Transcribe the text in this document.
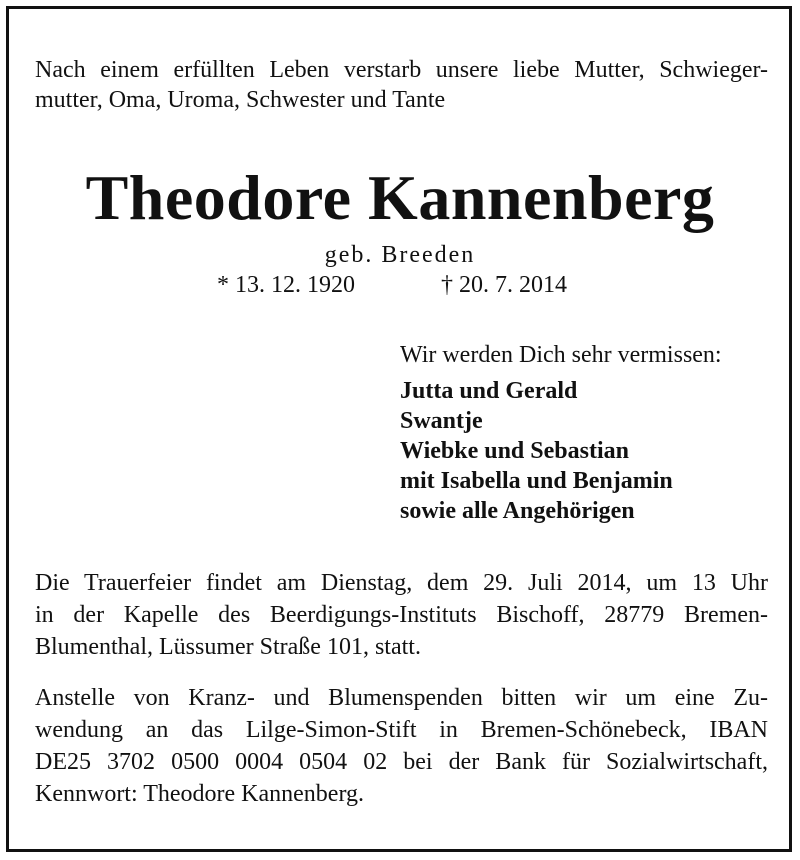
Nach einem erfüllten Leben verstarb unsere liebe Mutter, Schwieger-
mutter, Oma, Uroma, Schwester und Tante
Theodore Kannenberg
geb. Breeden
* 13. 12. 1920	† 20. 7. 2014
Wir werden Dich sehr vermissen:
Jutta und Gerald
Swantje
Wiebke und Sebastian
mit Isabella und Benjamin
sowie alle Angehörigen
Die Trauerfeier findet am Dienstag, dem 29. Juli 2014, um 13 Uhr
in der Kapelle des Beerdigungs-Instituts Bischoff, 28779 Bremen-
Blumenthal, Lüssumer Straße 101, statt.
Anstelle von Kranz- und Blumenspenden bitten wir um eine Zu-
wendung an das Lilge-Simon-Stift in Bremen-Schönebeck, IBAN
DE25 3702 0500 0004 0504 02 bei der Bank für Sozialwirtschaft,
Kennwort: Theodore Kannenberg.
